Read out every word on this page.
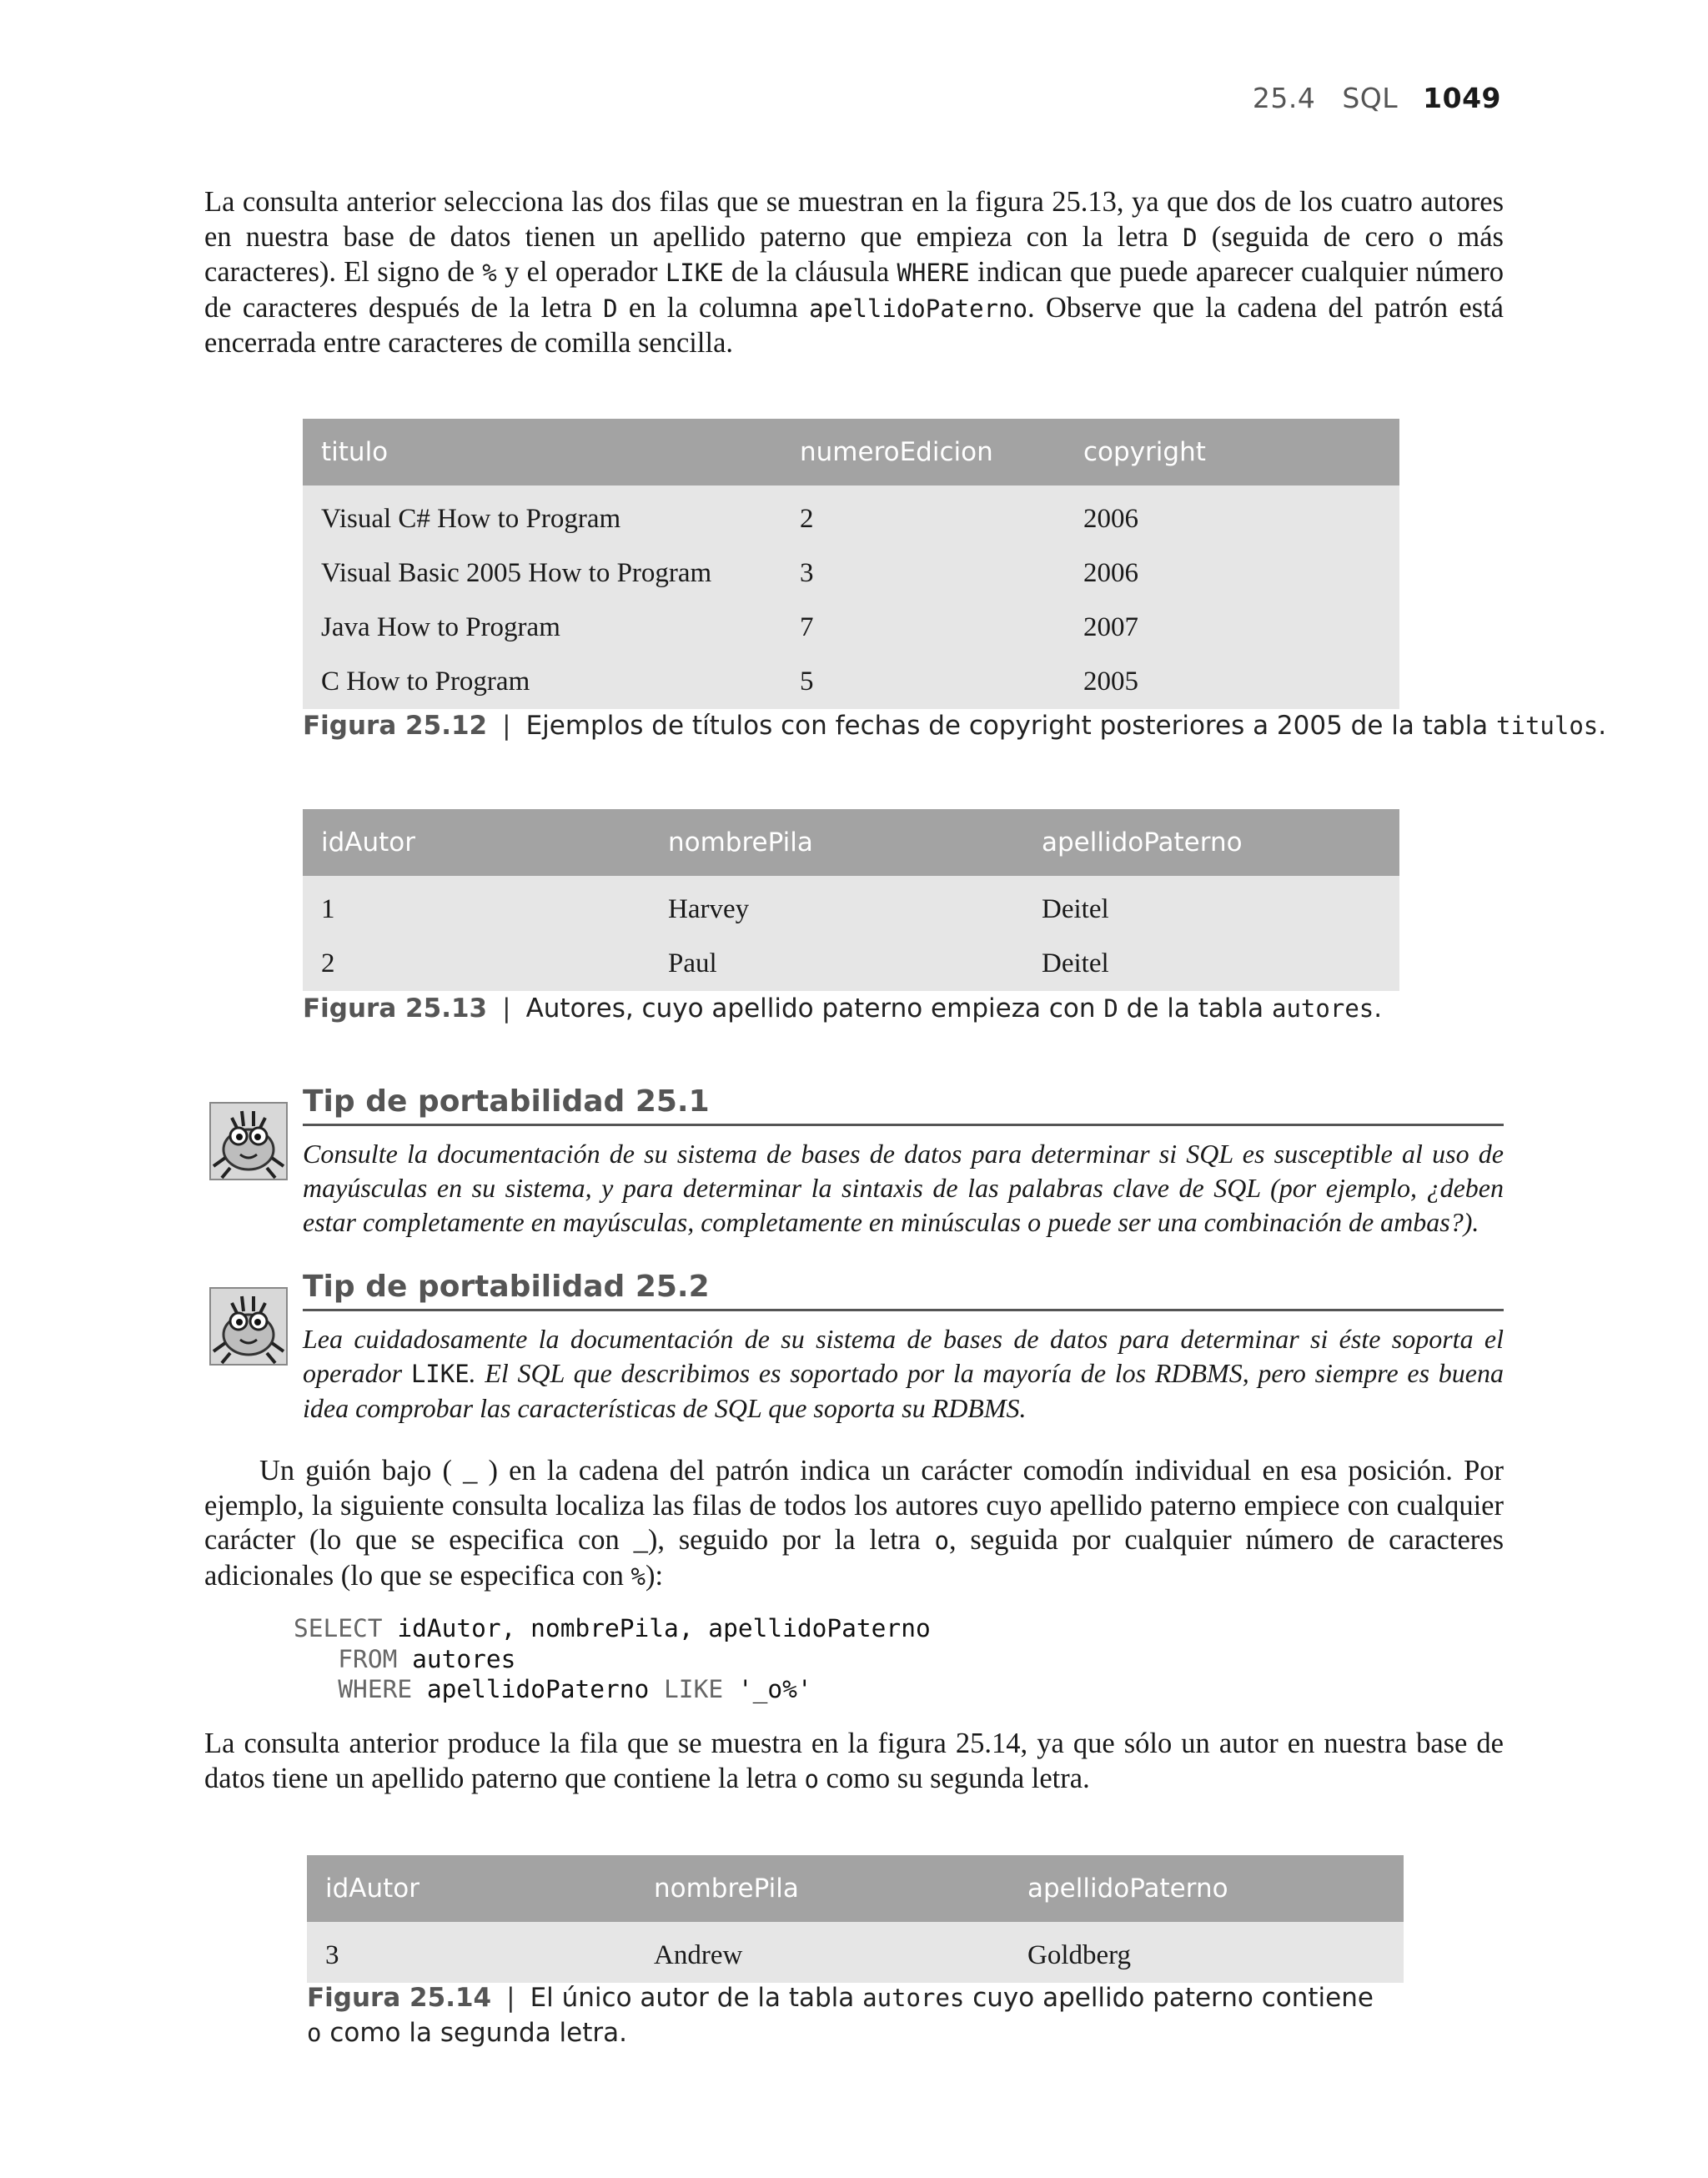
25.4 SQL 1049

La consulta anterior selecciona las dos filas que se muestran en la figura 25.13, ya que dos de los cuatro autores en nuestra base de datos tienen un apellido paterno que empieza con la letra D (seguida de cero o más caracteres). El signo de % y el operador LIKE de la cláusula WHERE indican que puede aparecer cualquier número de caracteres después de la letra D en la columna apellidoPaterno. Observe que la cadena del patrón está encerrada entre caracteres de comilla sencilla.

titulo	numeroEdicion	copyright
Visual C# How to Program	2	2006
Visual Basic 2005 How to Program	3	2006
Java How to Program	7	2007
C How to Program	5	2005
Figura 25.12 | Ejemplos de títulos con fechas de copyright posteriores a 2005 de la tabla titulos.
idAutor	nombrePila	apellidoPaterno
1	Harvey	Deitel
2	Paul	Deitel
Figura 25.13 | Autores, cuyo apellido paterno empieza con D de la tabla autores.
Tip de portabilidad 25.1
Consulte la documentación de su sistema de bases de datos para determinar si SQL es susceptible al uso de mayúsculas en su sistema, y para determinar la sintaxis de las palabras clave de SQL (por ejemplo, ¿deben estar completamente en mayúsculas, completamente en minúsculas o puede ser una combinación de ambas?).
Tip de portabilidad 25.2
Lea cuidadosamente la documentación de su sistema de bases de datos para determinar si éste soporta el operador LIKE. El SQL que describimos es soportado por la mayoría de los RDBMS, pero siempre es buena idea comprobar las características de SQL que soporta su RDBMS.

Un guión bajo ( _ ) en la cadena del patrón indica un carácter comodín individual en esa posición. Por ejemplo, la siguiente consulta localiza las filas de todos los autores cuyo apellido paterno empiece con cualquier carácter (lo que se especifica con _), seguido por la letra o, seguida por cualquier número de caracteres adicionales (lo que se especifica con %):

SELECT idAutor, nombrePila, apellidoPaterno
FROM autores
WHERE apellidoPaterno LIKE '_o%'

La consulta anterior produce la fila que se muestra en la figura 25.14, ya que sólo un autor en nuestra base de datos tiene un apellido paterno que contiene la letra o como su segunda letra.

idAutor	nombrePila	apellidoPaterno
3	Andrew	Goldberg
Figura 25.14 | El único autor de la tabla autores cuyo apellido paterno contiene o como la segunda letra.
